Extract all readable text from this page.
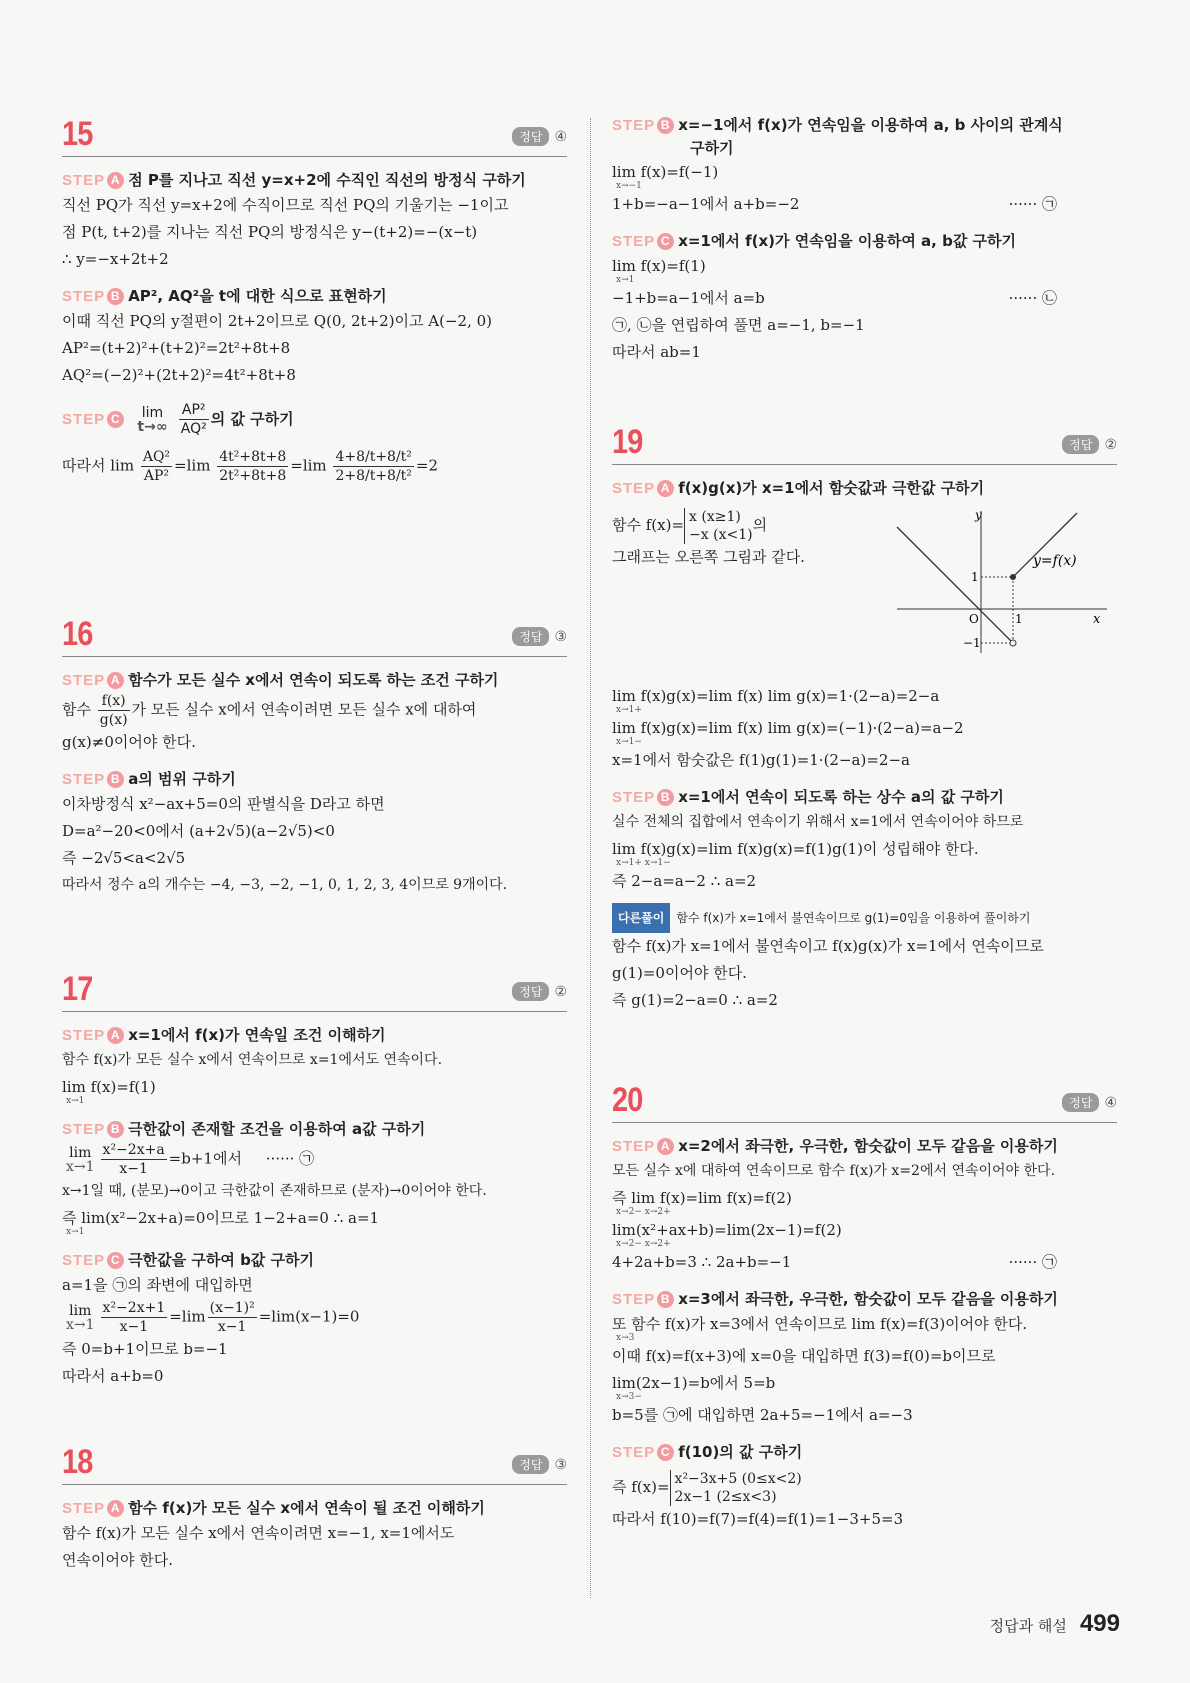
15	정답 ④
STEP A 점 P를 지나고 직선 y=x+2에 수직인 직선의 방정식 구하기
직선 PQ가 직선 y=x+2에 수직이므로 직선 PQ의 기울기는 −1이고
점 P(t, t+2)를 지나는 직선 PQ의 방정식은 y−(t+2)=−(x−t)
∴ y=−x+2t+2
STEP B AP², AQ²을 t에 대한 식으로 표현하기
이때 직선 PQ의 y절편이 2t+2이므로 Q(0, 2t+2)이고 A(−2, 0)
AP²=(t+2)²+(t+2)²=2t²+8t+8
AQ²=(−2)²+(2t+2)²=4t²+8t+8
STEP C	lim
t→∞
$\frac{\text{AP²}}{\text{AQ²}}$ 의 값 구하기
따라서 $\lim \frac{\text{AQ²}}{\text{AP²}} =\lim \frac{\text{4t²+8t+8}}{\text{2t²+8t+8}} =\lim \frac{\text{4+8/t+8/t²}}{\text{2+8/t+8/t²}} =2$
16	정답 ③
STEP A 함수가 모든 실수 x에서 연속이 되도록 하는 조건 구하기
함수 $\frac{f(x)}{g(x)}$ 가 모든 실수 x에서 연속이려면 모든 실수 x에 대하여
g(x)≠0이어야 한다.
STEP B a의 범위 구하기
이차방정식 x²−ax+5=0의 판별식을 D라고 하면
D=a²−20<0에서 (a+2√5)(a−2√5)<0
즉 −2√5<a<2√5
따라서 정수 a의 개수는 −4, −3, −2, −1, 0, 1, 2, 3, 4이므로 9개이다.
17	정답 ②
STEP A x=1에서 f(x)가 연속일 조건 이해하기
함수 f(x)가 모든 실수 x에서 연속이므로 x=1에서도 연속이다.
lim f(x)=f(1)
x→1
STEP B 극한값이 존재할 조건을 이용하여 a값 구하기
lim
$x\to 1 \frac{\text{x²−2x+a}}{x-1} =b+1$에서 ······ ㉠
x→1일 때, (분모)→0이고 극한값이 존재하므로 (분자)→0이어야 한다.
즉 lim(x²−2x+a)=0이므로 1−2+a=0 ∴ a=1
x→1
STEP C 극한값을 구하여 b값 구하기
a=1을 ㉠의 좌변에 대입하면
lim
$x\to 1 \frac{\text{x²−2x+1}}{x-1} =\lim \frac{\text{(x−1)²}}{x-1} =\lim(x-1)=0$
즉 0=b+1이므로 b=−1
따라서 a+b=0
18	정답 ③
STEP A 함수 f(x)가 모든 실수 x에서 연속이 될 조건 이해하기
함수 f(x)가 모든 실수 x에서 연속이려면 x=−1, x=1에서도
연속이어야 한다.
STEP B x=−1에서 f(x)가 연속임을 이용하여 a, b 사이의 관계식
구하기
lim f(x)=f(−1)
x→−1
1+b=−a−1에서 a+b=−2	······ ㉠
STEP C x=1에서 f(x)가 연속임을 이용하여 a, b값 구하기
lim f(x)=f(1)
x→1
−1+b=a−1에서 a=b	······ ㉡
㉠, ㉡을 연립하여 풀면 a=−1, b=−1
따라서 ab=1
19	정답 ②
STEP A f(x)g(x)가 x=1에서 함숫값과 극한값 구하기
함수 f(x)= x (x≥1)
−x (x<1)
의
그래프는 오른쪽 그림과 같다.
y
x
O	1
1
−1
y=f(x)
lim f(x)g(x)=lim f(x) lim g(x)=1·(2−a)=2−a
x→1+
lim f(x)g(x)=lim f(x) lim g(x)=(−1)·(2−a)=a−2
x→1−
x=1에서 함숫값은 f(1)g(1)=1·(2−a)=2−a
STEP B x=1에서 연속이 되도록 하는 상수 a의 값 구하기
실수 전체의 집합에서 연속이기 위해서 x=1에서 연속이어야 하므로
lim f(x)g(x)=lim f(x)g(x)=f(1)g(1)이 성립해야 한다.
x→1+ x→1−
즉 2−a=a−2 ∴ a=2
다른풀이 함수 f(x)가 x=1에서 불연속이므로 g(1)=0임을 이용하여 풀이하기
함수 f(x)가 x=1에서 불연속이고 f(x)g(x)가 x=1에서 연속이므로
g(1)=0이어야 한다.
즉 g(1)=2−a=0 ∴ a=2
20	정답 ④
STEP A x=2에서 좌극한, 우극한, 함숫값이 모두 같음을 이용하기
모든 실수 x에 대하여 연속이므로 함수 f(x)가 x=2에서 연속이어야 한다.
즉 lim f(x)=lim f(x)=f(2)
x→2− x→2+
lim(x²+ax+b)=lim(2x−1)=f(2)
x→2− x→2+
4+2a+b=3 ∴ 2a+b=−1	······ ㉠
STEP B x=3에서 좌극한, 우극한, 함숫값이 모두 같음을 이용하기
또 함수 f(x)가 x=3에서 연속이므로 lim f(x)=f(3)이어야 한다.
x→3
이때 f(x)=f(x+3)에 x=0을 대입하면 f(3)=f(0)=b이므로
lim(2x−1)=b에서 5=b
x→3−
b=5를 ㉠에 대입하면 2a+5=−1에서 a=−3
STEP C f(10)의 값 구하기
즉 f(x)= x²−3x+5 (0≤x<2)
2x−1 (2≤x<3)
따라서 f(10)=f(7)=f(4)=f(1)=1−3+5=3
정답과 해설 499
